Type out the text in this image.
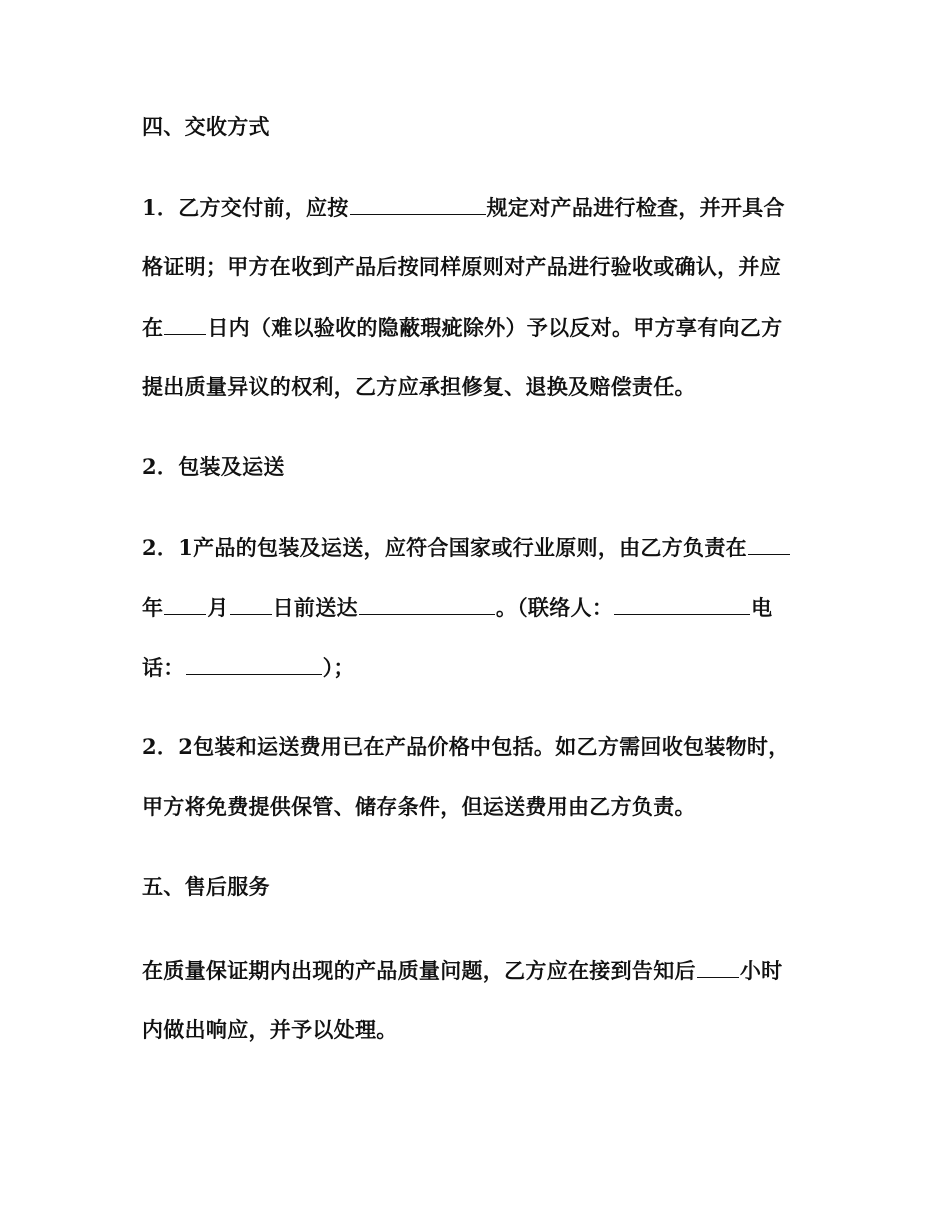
四、交收方式
1．乙方交付前，应按	规定对产品进行检查，并开具合
格证明；甲方在收到产品后按同样原则对产品进行验收或确认，并应
在 日内（难以验收的隐蔽瑕疵除外）予以反对。甲方享有向乙方
提出质量异议的权利，乙方应承担修复、退换及赔偿责任。
2．包装及运送
2．1产品的包装及运送，应符合国家或行业原则，由乙方负责在
年 月 日前送达	。（联络人：	电
话：	）；
2．2包装和运送费用已在产品价格中包括。如乙方需回收包装物时，
甲方将免费提供保管、储存条件，但运送费用由乙方负责。
五、售后服务
在质量保证期内出现的产品质量问题，乙方应在接到告知后 小时
内做出响应，并予以处理。
